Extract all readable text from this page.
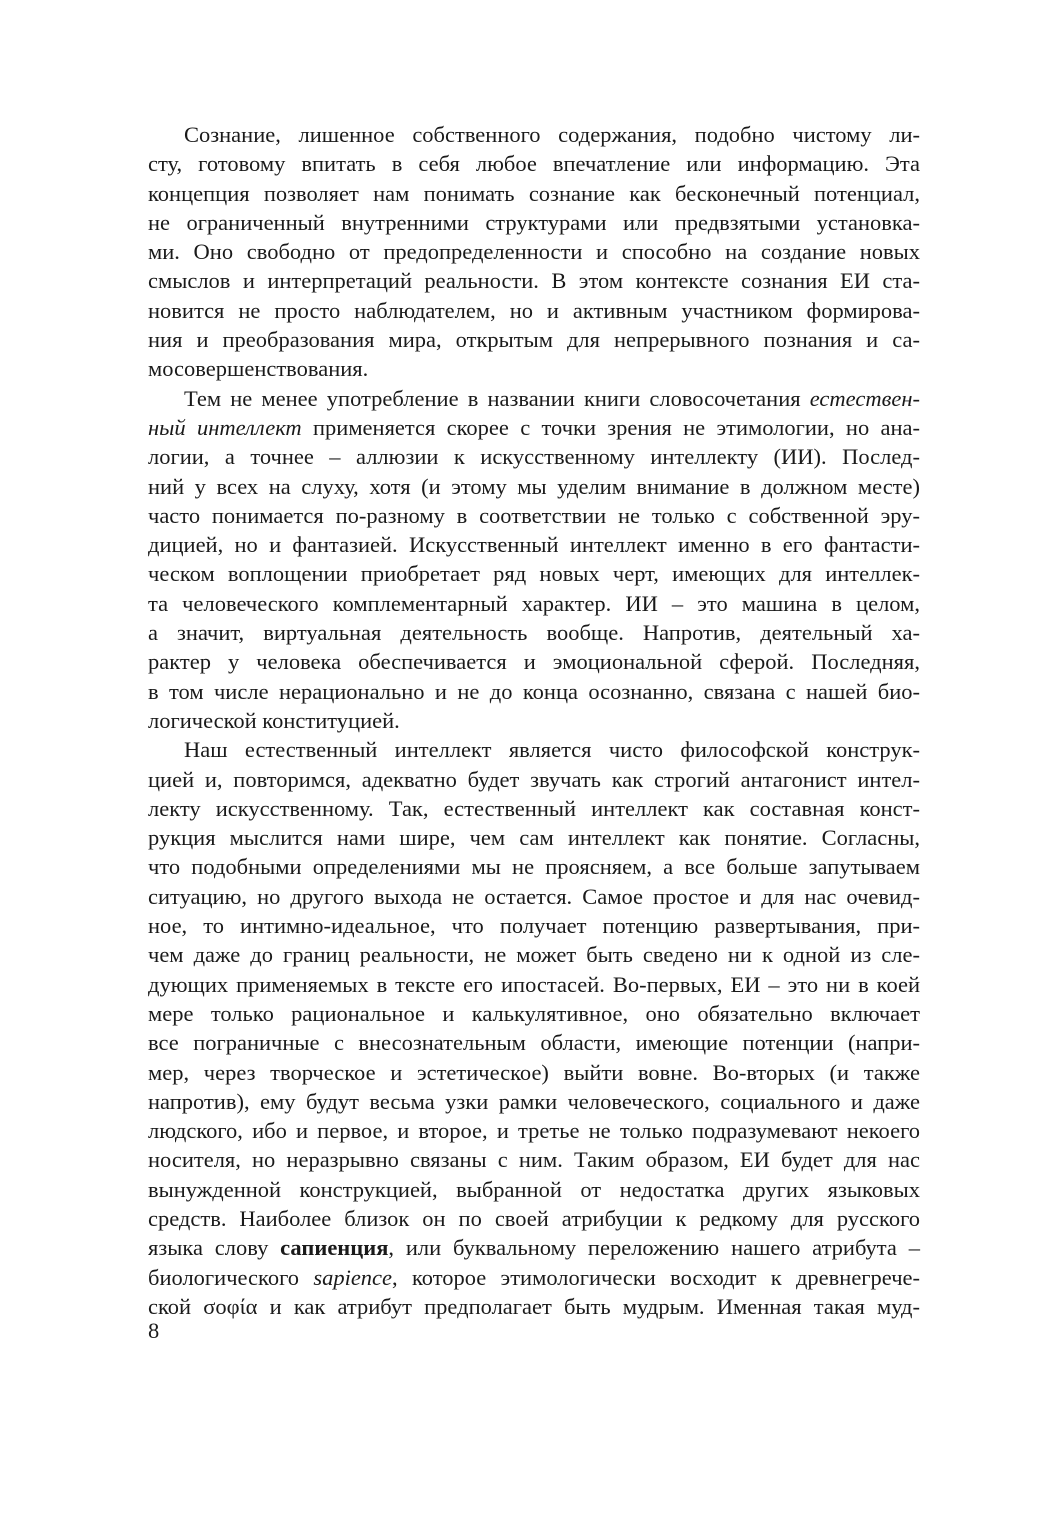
Сознание, лишенное собственного содержания, подобно чистому ли-
сту, готовому впитать в себя любое впечатление или информацию. Эта
концепция позволяет нам понимать сознание как бесконечный потенциал,
не ограниченный внутренними структурами или предвзятыми установка-
ми. Оно свободно от предопределенности и способно на создание новых
смыслов и интерпретаций реальности. В этом контексте сознания ЕИ ста-
новится не просто наблюдателем, но и активным участником формирова-
ния и преобразования мира, открытым для непрерывного познания и са-
мосовершенствования.
Тем не менее употребление в названии книги словосочетания естествен-
ный интеллект применяется скорее с точки зрения не этимологии, но ана-
логии, а точнее – аллюзии к искусственному интеллекту (ИИ). Послед-
ний у всех на слуху, хотя (и этому мы уделим внимание в должном месте)
часто понимается по-разному в соответствии не только с собственной эру-
дицией, но и фантазией. Искусственный интеллект именно в его фантасти-
ческом воплощении приобретает ряд новых черт, имеющих для интеллек-
та человеческого комплементарный характер. ИИ – это машина в целом,
а значит, виртуальная деятельность вообще. Напротив, деятельный ха-
рактер у человека обеспечивается и эмоциональной сферой. Последняя,
в том числе нерационально и не до конца осознанно, связана с нашей био-
логической конституцией.
Наш естественный интеллект является чисто философской конструк-
цией и, повторимся, адекватно будет звучать как строгий антагонист интел-
лекту искусственному. Так, естественный интеллект как составная конст-
рукция мыслится нами шире, чем сам интеллект как понятие. Согласны,
что подобными определениями мы не проясняем, а все больше запутываем
ситуацию, но другого выхода не остается. Самое простое и для нас очевид-
ное, то интимно-идеальное, что получает потенцию развертывания, при-
чем даже до границ реальности, не может быть сведено ни к одной из сле-
дующих применяемых в тексте его ипостасей. Во-первых, ЕИ – это ни в коей
мере только рациональное и калькулятивное, оно обязательно включает
все пограничные с внесознательным области, имеющие потенции (напри-
мер, через творческое и эстетическое) выйти вовне. Во-вторых (и также
напротив), ему будут весьма узки рамки человеческого, социального и даже
людского, ибо и первое, и второе, и третье не только подразумевают некоего
носителя, но неразрывно связаны с ним. Таким образом, ЕИ будет для нас
вынужденной конструкцией, выбранной от недостатка других языковых
средств. Наиболее близок он по своей атрибуции к редкому для русского
языка слову сапиенция, или буквальному переложению нашего атрибута –
биологического sapience, которое этимологически восходит к древнегрече-
ской σοφία и как атрибут предполагает быть мудрым. Именная такая муд-
8
